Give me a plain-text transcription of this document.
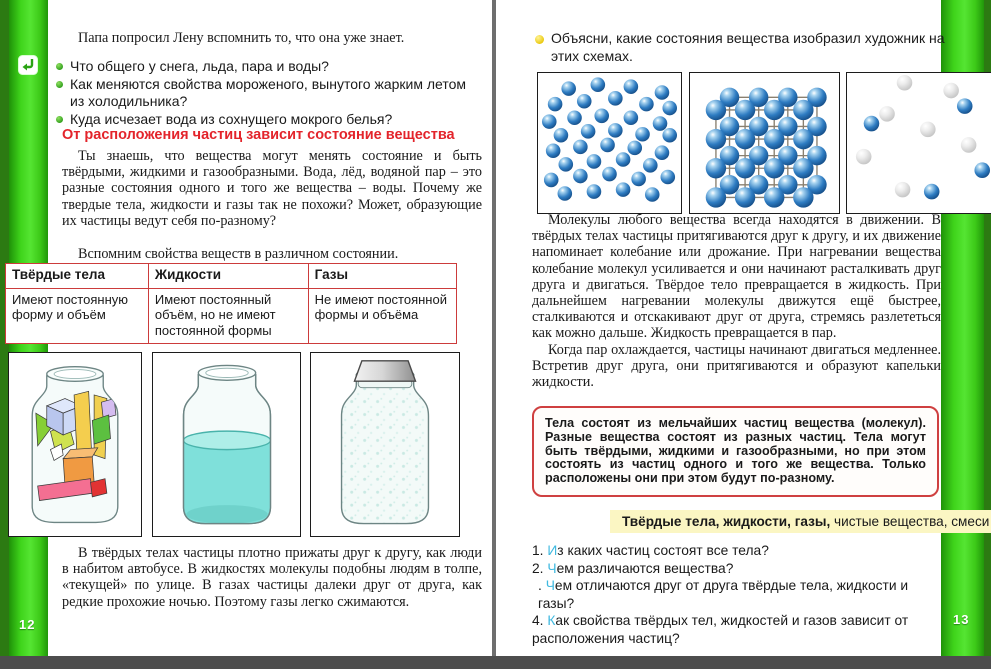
12	13
Папа попросил Лену вспомнить то, что она уже знает.
Что общего у снега, льда, пара и воды?
Как меняются свойства мороженого, вынутого жарким летом из холодильника?
Куда исчезает вода из сохнущего мокрого белья?
От расположения частиц зависит состояние вещества
Ты знаешь, что вещества могут менять состояние и быть твёрдыми, жидкими и газообразными. Вода, лёд, водяной пар – это разные состояния одного и того же вещества – воды. Почему же твердые тела, жидкости и газы так не похожи? Может, образующие их частицы ведут себя по-разному?
Вспомним свойства веществ в различном состоянии.
Твёрдые тела	Жидкости	Газы
Имеют постоянную форму и объём	Имеют постоянный объём, но не имеют постоянной формы	Не имеют постоянной формы и объёма
В твёрдых телах частицы плотно прижаты друг к другу, как люди в набитом автобусе. В жидкостях молекулы подобны людям в толпе, «текущей» по улице. В газах частицы далеки друг от друга, как редкие прохожие ночью. Поэтому газы легко сжимаются.
Объясни, какие состояния вещества изобразил художник на этих схемах.
Молекулы любого вещества всегда находятся в движении. В твёрдых телах частицы притягиваются друг к другу, и их движение напоминает колебание или дрожание. При нагревании вещества колебание молекул усиливается и они начинают расталкивать друг друга и двигаться. Твёрдое тело превращается в жидкость. При дальнейшем нагревании молекулы движутся ещё быстрее, сталкиваются и отскакивают друг от друга, стремясь разлететься как можно дальше. Жидкость превращается в пар.
Когда пар охлаждается, частицы начинают двигаться медленнее. Встретив друг друга, они притягиваются и образуют капельки жидкости.
Тела состоят из мельчайших частиц вещества (молекул). Разные вещества состоят из разных частиц. Тела могут быть твёрдыми, жидкими и газообразными, но при этом состоять из частиц одного и того же вещества. Только расположены они при этом будут по-разному.
Твёрдые тела, жидкости, газы, чистые вещества, смеси

1. Из каких частиц состоят все тела?

2. Чем различаются вещества?

. Чем отличаются друг от друга твёрдые тела, жидкости и газы?

4. Как свойства твёрдых тел, жидкостей и газов зависит от расположения частиц?
